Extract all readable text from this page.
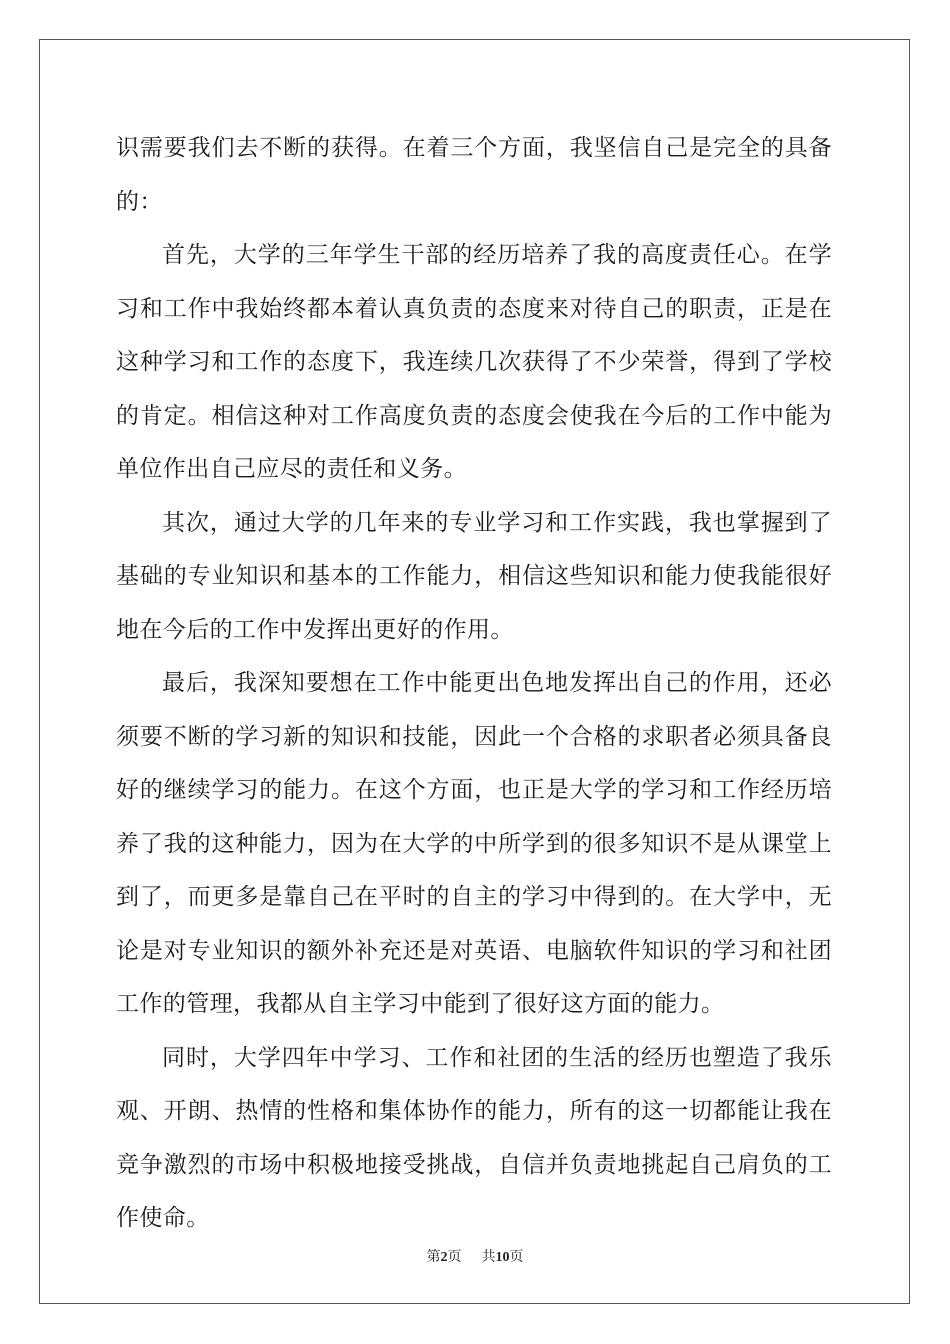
识需要我们去不断的获得。在着三个方面，我坚信自己是完全的具备的：

首先，大学的三年学生干部的经历培养了我的高度责任心。在学习和工作中我始终都本着认真负责的态度来对待自己的职责，正是在这种学习和工作的态度下，我连续几次获得了不少荣誉，得到了学校的肯定。相信这种对工作高度负责的态度会使我在今后的工作中能为单位作出自己应尽的责任和义务。

其次，通过大学的几年来的专业学习和工作实践，我也掌握到了基础的专业知识和基本的工作能力，相信这些知识和能力使我能很好地在今后的工作中发挥出更好的作用。

最后，我深知要想在工作中能更出色地发挥出自己的作用，还必须要不断的学习新的知识和技能，因此一个合格的求职者必须具备良好的继续学习的能力。在这个方面，也正是大学的学习和工作经历培养了我的这种能力，因为在大学的中所学到的很多知识不是从课堂上到了，而更多是靠自己在平时的自主的学习中得到的。在大学中，无论是对专业知识的额外补充还是对英语、电脑软件知识的学习和社团工作的管理，我都从自主学习中能到了很好这方面的能力。

同时，大学四年中学习、工作和社团的生活的经历也塑造了我乐观、开朗、热情的性格和集体协作的能力，所有的这一切都能让我在竞争激烈的市场中积极地接受挑战，自信并负责地挑起自己肩负的工作使命。

第2页 共10页
